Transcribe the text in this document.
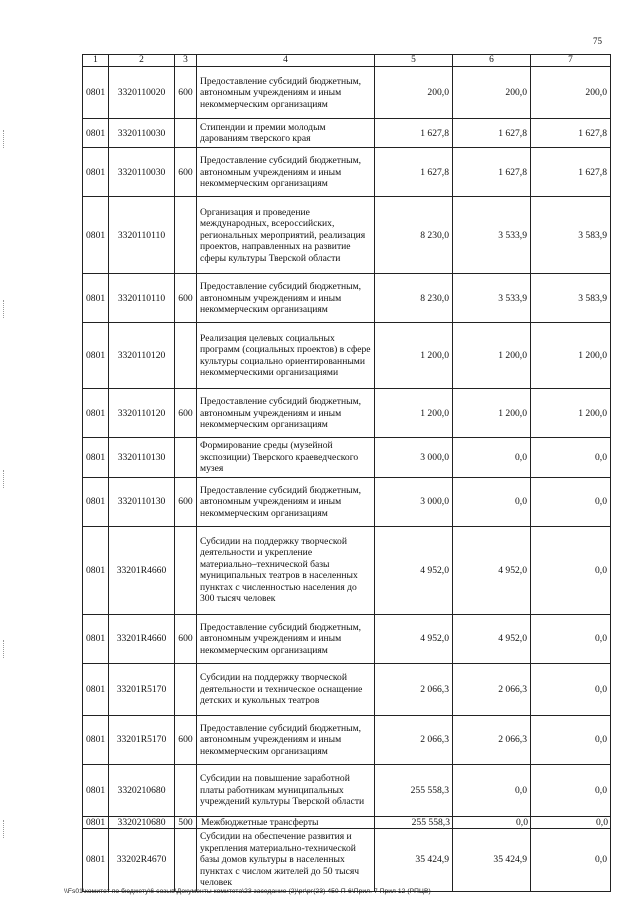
75
1	2	3	4	5	6	7
0801	3320110020	600	Предоставление субсидий бюджетным, автономным учреждениям и иным некоммерческим организациям	200,0	200,0	200,0
0801	3320110030		Стипендии и премии молодым дарованиям тверского края	1 627,8	1 627,8	1 627,8
0801	3320110030	600	Предоставление субсидий бюджетным, автономным учреждениям и иным некоммерческим организациям	1 627,8	1 627,8	1 627,8
0801	3320110110		Организация и проведение международных, всероссийских, региональных мероприятий, реализация проектов, направленных на развитие сферы культуры Тверской области	8 230,0	3 533,9	3 583,9
0801	3320110110	600	Предоставление субсидий бюджетным, автономным учреждениям и иным некоммерческим организациям	8 230,0	3 533,9	3 583,9
0801	3320110120		Реализация целевых социальных программ (социальных проектов) в сфере культуры социально ориентированными некоммерческими организациями	1 200,0	1 200,0	1 200,0
0801	3320110120	600	Предоставление субсидий бюджетным, автономным учреждениям и иным некоммерческим организациям	1 200,0	1 200,0	1 200,0
0801	3320110130		Формирование среды (музейной экспозиции) Тверского краеведческого музея	3 000,0	0,0	0,0
0801	3320110130	600	Предоставление субсидий бюджетным, автономным учреждениям и иным некоммерческим организациям	3 000,0	0,0	0,0
0801	33201R4660		Субсидии на поддержку творческой деятельности и укрепление материально–технической базы муниципальных театров в населенных пунктах с численностью населения до 300 тысяч человек	4 952,0	4 952,0	0,0
0801	33201R4660	600	Предоставление субсидий бюджетным, автономным учреждениям и иным некоммерческим организациям	4 952,0	4 952,0	0,0
0801	33201R5170		Субсидии на поддержку творческой деятельности и техническое оснащение детских и кукольных театров	2 066,3	2 066,3	0,0
0801	33201R5170	600	Предоставление субсидий бюджетным, автономным учреждениям и иным некоммерческим организациям	2 066,3	2 066,3	0,0
0801	3320210680		Субсидии на повышение заработной платы работникам муниципальных учреждений культуры Тверской области	255 558,3	0,0	0,0
0801	3320210680	500	Межбюджетные трансферты	255 558,3	0,0	0,0
0801	33202R4670		Субсидии на обеспечение развития и укрепления материально-технической базы домов культуры в населенных пунктах с числом жителей до 50 тысяч человек	35 424,9	35 424,9	0,0
\\Fs01\комитет по бюджету\6 созыв\Документы комитета\23 заседание (2)\рг\рг(23) 450-П-6\Прил. 7 Прил 12 (РПЦВ)
